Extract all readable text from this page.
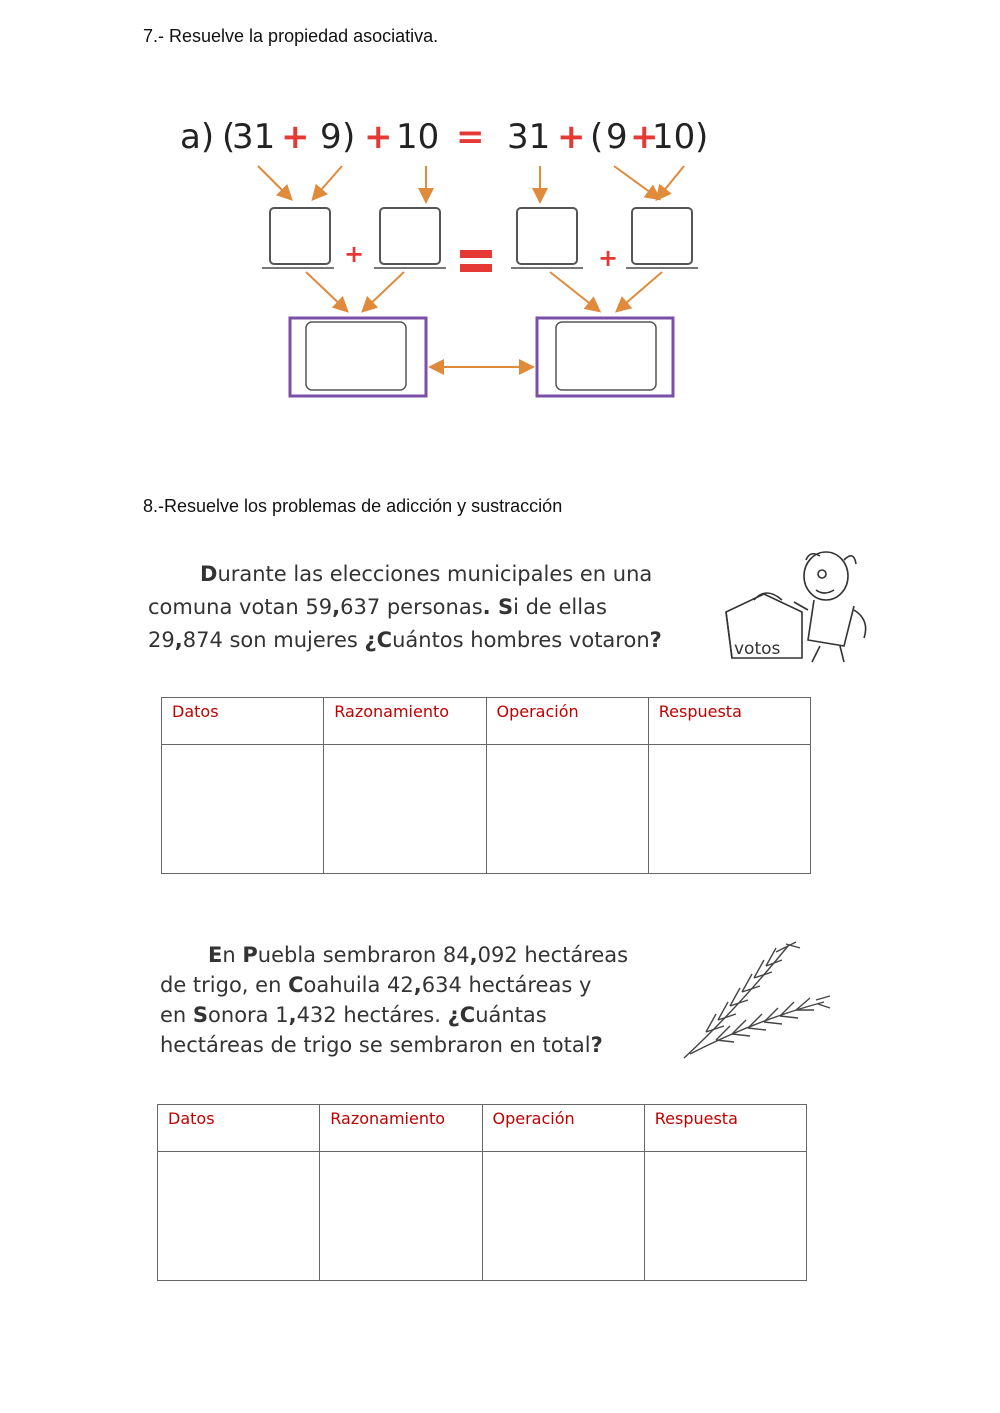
7.- Resuelve la propiedad asociativa.
a) (
31 + 9 ) + 10 = 31 + ( 9 +
10 )
+	+
8.-Resuelve los problemas de adicción y sustracción
Durante las elecciones municipales en una
comuna votan 59,637 personas. Si de ellas
29,874 son mujeres ¿Cuántos hombres votaron?	votos
Datos	Razonamiento	Operación	Respuesta

En Puebla sembraron 84,092 hectáreas
de trigo, en Coahuila 42,634 hectáreas y
en Sonora 1,432 hectáres. ¿Cuántas
hectáreas de trigo se sembraron en total?
Datos	Razonamiento	Operación	Respuesta
